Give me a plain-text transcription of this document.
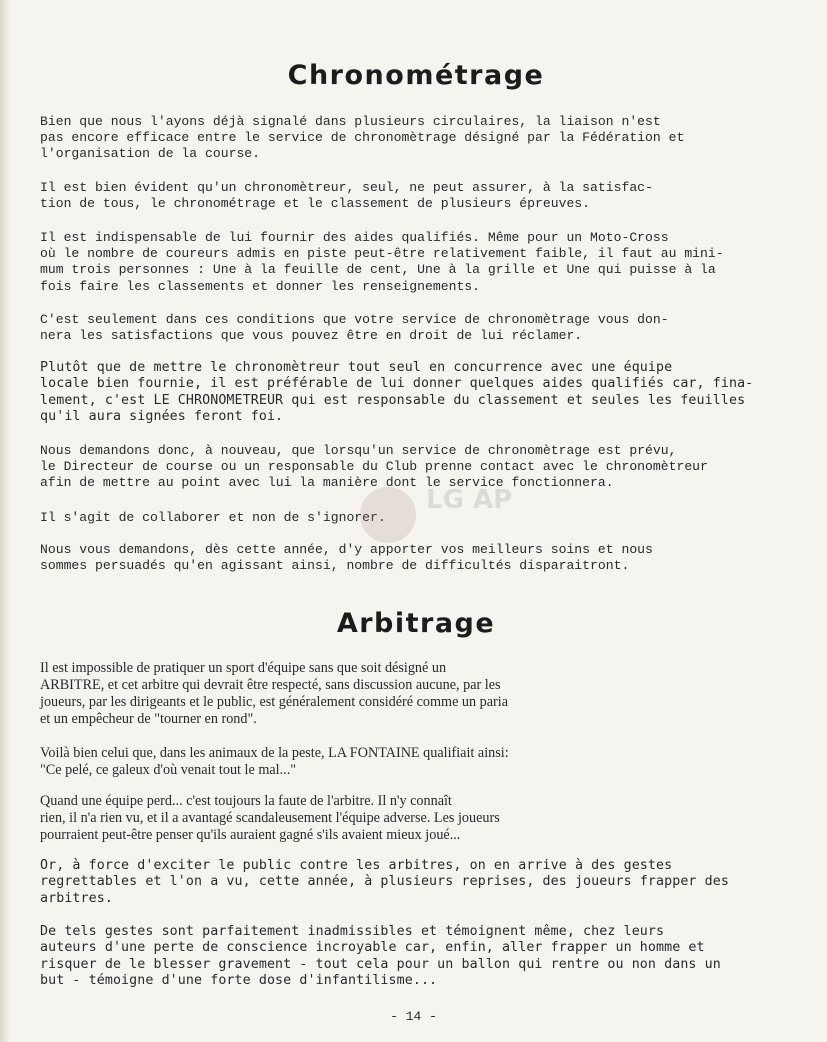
Chronométrage

Bien que nous l'ayons déjà signalé dans plusieurs circulaires, la liaison n'est
pas encore efficace entre le service de chronomètrage désigné par la Fédération et
l'organisation de la course.

Il est bien évident qu'un chronomètreur, seul, ne peut assurer, à la satisfac-
tion de tous, le chronométrage et le classement de plusieurs épreuves.

Il est indispensable de lui fournir des aides qualifiés. Même pour un Moto-Cross
où le nombre de coureurs admis en piste peut-être relativement faible, il faut au mini-
mum trois personnes : Une à la feuille de cent, Une à la grille et Une qui puisse à la
fois faire les classements et donner les renseignements.

C'est seulement dans ces conditions que votre service de chronomètrage vous don-
nera les satisfactions que vous pouvez être en droit de lui réclamer.

Plutôt que de mettre le chronomètreur tout seul en concurrence avec une équipe
locale bien fournie, il est préférable de lui donner quelques aides qualifiés car, fina-
lement, c'est LE CHRONOMETREUR qui est responsable du classement et seules les feuilles
qu'il aura signées feront foi.

Nous demandons donc, à nouveau, que lorsqu'un service de chronomètrage est prévu,
le Directeur de course ou un responsable du Club prenne contact avec le chronomètreur
afin de mettre au point avec lui la manière dont le service fonctionnera.

Il s'agit de collaborer et non de s'ignorer.

Nous vous demandons, dès cette année, d'y apporter vos meilleurs soins et nous
sommes persuadés qu'en agissant ainsi, nombre de difficultés disparaitront.

Arbitrage

Il est impossible de pratiquer un sport d'équipe sans que soit désigné un
ARBITRE, et cet arbitre qui devrait être respecté, sans discussion aucune, par les
joueurs, par les dirigeants et le public, est généralement considéré comme un paria
et un empêcheur de "tourner en rond".

Voilà bien celui que, dans les animaux de la peste, LA FONTAINE qualifiait ainsi:
"Ce pelé, ce galeux d'où venait tout le mal..."

Quand une équipe perd... c'est toujours la faute de l'arbitre. Il n'y connaît
rien, il n'a rien vu, et il a avantagé scandaleusement l'équipe adverse. Les joueurs
pourraient peut-être penser qu'ils auraient gagné s'ils avaient mieux joué...

Or, à force d'exciter le public contre les arbitres, on en arrive à des gestes
regrettables et l'on a vu, cette année, à plusieurs reprises, des joueurs frapper des
arbitres.

De tels gestes sont parfaitement inadmissibles et témoignent même, chez leurs
auteurs d'une perte de conscience incroyable car, enfin, aller frapper un homme et
risquer de le blesser gravement - tout cela pour un ballon qui rentre ou non dans un
but - témoigne d'une forte dose d'infantilisme...

LG AP
- 14 -
